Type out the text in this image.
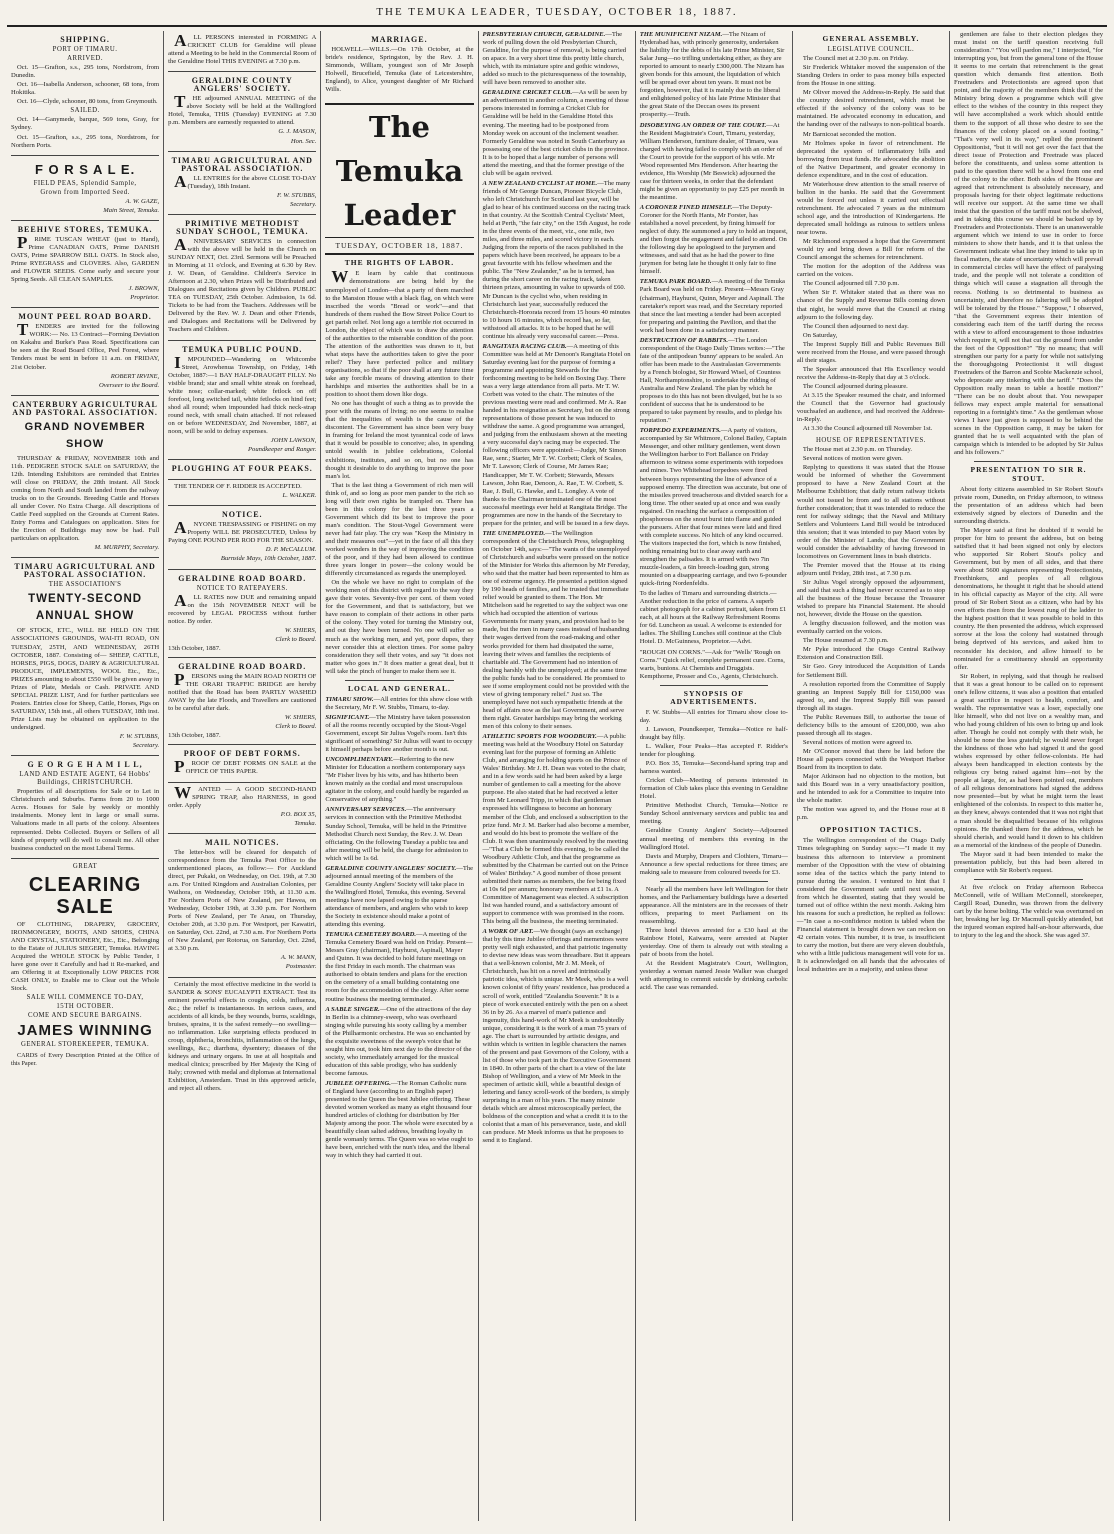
THE TEMUKA LEADER, TUESDAY, OCTOBER 18, 1887.
SHIPPING.
PORT OF TIMARU.
ARRIVED.

Oct. 15—Grafton, s.s., 295 tons, Nordstrom, from Dunedin.

Oct. 16—Isabella Anderson, schooner, 68 tons, from Hokitika.

Oct. 16—Clyde, schooner, 80 tons, from Greymouth.

SAILED.

Oct. 14—Ganymede, barque, 569 tons, Gray, for Sydney.

Oct. 15—Grafton, s.s., 295 tons, Nordstrom, for Northern Ports.

F O R S A L E.
FIELD PEAS, Splendid Sample,
Grown from Imported Seed.
A. W. GAZE,
Main Street, Temuka.
BEEHIVE STORES, TEMUKA.

PRIME TUSCAN WHEAT (just to Hand), Prime CANADIAN OATS, Prime DANISH OATS, Prime SPARROW BILL OATS. In Stock also, Prime RYEGRASS and CLOVERS. Also, GARDEN and FLOWER SEEDS. Come early and secure your Spring Seeds. All CLEAN SAMPLES.

J. BROWN,
Proprietor.
MOUNT PEEL ROAD BOARD.

TENDERS are invited for the following WORK:— No. 13 Contract—Forming Deviation on Kakahu and Burke's Pass Road. Specifications can be seen at the Road Board Office, Peel Forest, where Tenders must be sent in before 11 a.m. on FRIDAY, 21st October.

ROBERT IRVINE,
Overseer to the Board.
CANTERBURY AGRICULTURAL AND PASTORAL ASSOCIATION.
GRAND NOVEMBER SHOW

THURSDAY & FRIDAY, NOVEMBER 10th and 11th. PEDIGREE STOCK SALE on SATURDAY, the 12th. Intending Exhibitors are reminded that Entries will close on FRIDAY, the 28th instant. All Stock coming from North and South landed from the railway trucks on to the Grounds. Breeding Cattle and Horses all under Cover. No Extra Charge. All descriptions of Cattle Feed supplied on the Grounds at Current Rates. Entry Forms and Catalogues on application. Sites for the Erection of Buildings may now be had. Full particulars on application.

M. MURPHY, Secretary.
TIMARU AGRICULTURAL AND PASTORAL ASSOCIATION.
THE ASSOCIATION'S
TWENTY-SECOND ANNUAL SHOW

OF STOCK, ETC., WILL BE HELD ON THE ASSOCIATION'S GROUNDS, WAI-ITI ROAD, ON TUESDAY, 25TH, AND WEDNESDAY, 26TH OCTOBER, 1887. Consisting of— SHEEP, CATTLE, HORSES, PIGS, DOGS, DAIRY & AGRICULTURAL PRODUCE, IMPLEMENTS, WOOL Etc., Etc., PRIZES amounting to about £550 will be given away in Prizes of Plate, Medals or Cash. PRIVATE AND SPECIAL PRIZE LIST, And for further particulars see Posters. Entries close for Sheep, Cattle, Horses, Pigs on SATURDAY, 15th inst., all others TUESDAY, 18th inst. Prize Lists may be obtained on application to the undersigned.

F. W. STUBBS,
Secretary.
G E O R G E H A M I L L,
LAND AND ESTATE AGENT, 64 Hobbs' Buildings, CHRISTCHURCH.

Properties of all descriptions for Sale or to Let in Christchurch and Suburbs. Farms from 20 to 1000 Acres. Houses for Sale by weekly or monthly instalments. Money lent in large or small sums. Valuations made in all parts of the colony. Absentees represented. Debts Collected. Buyers or Sellers of all kinds of property will do well to consult me. All other business conducted on the most Liberal Terms.

GREAT
CLEARING SALE

OF CLOTHING, DRAPERY, GROCERY, IRONMONGERY, BOOTS, AND SHOES, CHINA AND CRYSTAL, STATIONERY, Etc., Etc., Belonging to the Estate of JULIUS SIEGERT, Temuka. HAVING Acquired the WHOLE STOCK by Public Tender, I have gone over it Carefully and had it Re-marked, and am Offering it at Exceptionally LOW PRICES FOR CASH ONLY, to Enable me to Clear out the Whole Stock.

SALE WILL COMMENCE TO-DAY,
15TH OCTOBER.
COME AND SECURE BARGAINS.
JAMES WINNING
GENERAL STOREKEEPER, TEMUKA.

CARDS of Every Description Printed at the Office of this Paper.

ALL PERSONS interested in FORMING A CRICKET CLUB for Geraldine will please attend a Meeting to be held in the Commercial Room of the Geraldine Hotel THIS EVENING at 7.30 p.m.

GERALDINE COUNTY ANGLERS' SOCIETY.

THE adjourned ANNUAL MEETING of the above Society will be held at the Wallingford Hotel, Temuka, THIS (Tuesday) EVENING at 7.30 p.m. Members are earnestly requested to attend.

G. J. MASON,
Hon. Sec.
TIMARU AGRICULTURAL AND PASTORAL ASSOCIATION.

ALL ENTRIES for the above CLOSE TO-DAY (Tuesday), 18th Instant.

F. W. STUBBS,
Secretary.
PRIMITIVE METHODIST SUNDAY SCHOOL, TEMUKA.

ANNIVERSARY SERVICES in connection with the above will be held in the Church on SUNDAY NEXT, Oct. 23rd. Sermons will be Preached in Morning at 11 o'clock, and Evening at 6.30 by Rev. J. W. Dean, of Geraldine. Children's Service in Afternoon at 2.30, when Prizes will be Distributed and Dialogues and Recitations given by Children. PUBLIC TEA on TUESDAY, 25th October. Admission, 1s 6d. Tickets to be had from the Teachers. Addresses will be Delivered by the Rev. W. J. Dean and other Friends, and Dialogues and Recitations will be Delivered by Teachers and Children.

TEMUKA PUBLIC POUND.

IMPOUNDED—Wandering on Whitcombe Street, Arowhenua Township, on Friday, 14th October, 1887:—1 BAY HALF-DRAUGHT FILLY. No visible brand; star and small white streak on forehead, white nose; collar-marked; white fetlock on off forefoot, long switched tail, white fetlocks on hind feet; shod all round; when impounded had thick neck-strap round neck, with small chain attached. If not released on or before WEDNESDAY, 2nd November, 1887, at noon, will be sold to defray expenses.

JOHN LAWSON,
Poundkeeper and Ranger.
PLOUGHING AT FOUR PEAKS.

THE TENDER OF F. RIDDER IS ACCEPTED.

L. WALKER.
NOTICE.

ANYONE TRESPASSING or FISHING on my Property WILL BE PROSECUTED, Unless by Paying ONE POUND PER ROD FOR THE SEASON.

D. P. McCALLUM.
Burnside Mays, 10th October, 1887.
GERALDINE ROAD BOARD.
NOTICE TO RATEPAYERS.

ALL RATES now DUE and remaining unpaid on the 15th NOVEMBER NEXT will be recovered by LEGAL PROCESS without further notice. By order.

W. SHIERS,
Clerk to Board.
13th October, 1887.
GERALDINE ROAD BOARD.

PERSONS using the MAIN ROAD NORTH OF THE ORARI TRAFFIC BRIDGE are hereby notified that the Road has been PARTLY WASHED AWAY by the late Floods, and Travellers are cautioned to be careful after dark.

W. SHIERS,
Clerk to Board.
13th October, 1887.
PROOF OF DEBT FORMS.

PROOF OF DEBT FORMS ON SALE at the OFFICE OF THIS PAPER.

WANTED — A GOOD SECOND-HAND SPRING TRAP, also HARNESS, in good order. Apply

P.O. BOX 35,
Temuka.
MAIL NOTICES.

The letter-box will be cleared for despatch of correspondence from the Temuka Post Office to the undermentioned places, as follow:— For Auckland direct, per Pukaki, on Wednesday, on Oct. 19th, at 7.30 a.m. For United Kingdom and Australian Colonies, per Waihora, on Wednesday, October 19th, at 11.30 a.m. For Northern Ports of New Zealand, per Hawea, on Wednesday, October 19th, at 3.30 p.m. For Northern Ports of New Zealand, per Te Anau, on Thursday, October 20th, at 3.30 p.m. For Westport, per Kawatiri, on Saturday, Oct. 22nd, at 7.30 a.m. For Northern Ports of New Zealand, per Rotorua, on Saturday, Oct. 22nd, at 3.30 p.m.

A. W. MANN,
Postmaster.

Certainly the most effective medicine in the world is SANDER & SONS' EUCALYPTI EXTRACT. Test its eminent powerful effects in coughs, colds, influenza, &c.; the relief is instantaneous. In serious cases, and accidents of all kinds, be they wounds, burns, scaldings, bruises, sprains, it is the safest remedy—no swelling—no inflammation. Like surprising effects produced in croup, diphtheria, bronchitis, inflammation of the lungs, swellings, &c.; diarrhœa, dysentery; diseases of the kidneys and urinary organs. In use at all hospitals and medical clinics; prescribed by Her Majesty the King of Italy; crowned with medal and diplomas at International Exhibition, Amsterdam. Trust in this approved article, and reject all others.

MARRIAGE.

HOLWELL—WILLS.—On 17th October, at the bride's residence, Springston, by the Rev. J. H. Simmonds, William, youngest son of Mr Joseph Holwell, Brucefield, Temuka (late of Leicestershire, England), to Alice, youngest daughter of Mr Richard Wills.

The Temuka Leader
TUESDAY, OCTOBER 18, 1887.
THE RIGHTS OF LABOR.

WE learn by cable that continuous demonstrations are being held by the unemployed of London—that a party of them marched to the Mansion House with a black flag, on which were inscribed the words "Bread or work"—and that hundreds of them rushed the Bow Street Police Court to get parish relief. Not long ago a terrible riot occurred in London, the object of which was to draw the attention of the authorities to the miserable condition of the poor. The attention of the authorities was drawn to it, but what steps have the authorities taken to give the poor relief? They have perfected police and military organisations, so that if the poor shall at any future time take any forcible means of drawing attention to their hardships and miseries the authorities shall be in a position to shoot them down like dogs.

No one has thought of such a thing as to provide the poor with the means of living; no one seems to realise that the inequalities of wealth is the cause of the discontent. The Government has since been very busy in framing for Ireland the most tyrannical code of laws that it would be possible to conceive; also, in spending untold wealth in jubilee celebrations, Colonial exhibitions, institutes, and so on, but no one has thought it desirable to do anything to improve the poor man's lot.

That is the last thing a Government of rich men will think of, and so long as poor men pander to the rich so long will their own rights be trampled on. There has been in this colony for the last three years a Government which did its best to improve the poor man's condition. The Stout-Vogel Government were never had fair play. The cry was "Keep the Ministry in and their measures out"—yet in the face of all this they worked wonders in the way of improving the condition of the poor, and if they had been allowed to continue three years longer in power—the colony would be differently circumstanced as regards the unemployed.

On the whole we have no right to complain of the working men of this district with regard to the way they gave their votes. Seventy-five per cent. of them voted for the Government, and that is satisfactory, but we have reason to complain of their actions in other parts of the colony. They voted for turning the Ministry out, and out they have been turned. No one will suffer so much as the working men, and yet, poor dupes, they never consider this at election times. For some paltry consideration they sell their votes, and say "it does not matter who goes in." It does matter a great deal, but it will take the pinch of hunger to make them see it.

LOCAL AND GENERAL.
TIMARU SHOW.—All entries for this show close with the Secretary, Mr F. W. Stubbs, Timaru, to-day.
SIGNIFICANT.—The Ministry have taken possession of all the rooms recently occupied by the Stout-Vogel Government, except Sir Julius Vogel's room. Isn't this significant of something? Sir Julius will want to occupy it himself perhaps before another month is out.
UNCOMPLIMENTARY.—Referring to the new Minister for Education a northern contemporary says "Mr Fisher lives by his wits, and has hitherto been known mainly as the cordial and most unscrupulous agitator in the colony, and could hardly be regarded as Conservative of anything."
ANNIVERSARY SERVICES.—The anniversary services in connection with the Primitive Methodist Sunday School, Temuka, will be held in the Primitive Methodist Church next Sunday, the Rev. J. W. Dean officiating. On the following Tuesday a public tea and after meeting will be held, the charge for admission to which will be 1s 6d.
GERALDINE COUNTY ANGLERS' SOCIETY.—The adjourned annual meeting of the members of the Geraldine County Anglers' Society will take place in the Wallingford Hotel, Temuka, this evening. Several meetings have now lapsed owing to the sparse attendance of members, and anglers who wish to keep the Society in existence should make a point of attending this evening.
TEMUKA CEMETERY BOARD.—A meeting of the Temuka Cemetery Board was held on Friday. Present—Messrs Gray (chairman), Hayhurst, Aspinall, Mayer and Quinn. It was decided to hold future meetings on the first Friday in each month. The chairman was authorised to obtain tenders and plans for the erection on the cemetery of a small building containing one room for the accommodation of the clergy. After some routine business the meeting terminated.
A SABLE SINGER.—One of the attractions of the day in Berlin is a chimney-sweep, who was overheard singing while pursuing his sooty calling by a member of the Philharmonic orchestra. He was so enchanted by the exquisite sweetness of the sweep's voice that he sought him out, took him next day to the director of the society, who immediately arranged for the musical education of this sable prodigy, who has suddenly become famous.
JUBILEE OFFERING.—The Roman Catholic nuns of England have (according to an English paper) presented to the Queen the best Jubilee offering. These devoted women worked as many as eight thousand four hundred articles of clothing for distribution by Her Majesty among the poor. The whole were executed by a beautifully clean salted address, breathing loyalty in gentle womanly terms. The Queen was so wise ought to have been, enriched with the nun's idea, and the liberal way in which they had carried it out.
PRESBYTERIAN CHURCH, GERALDINE.—The work of pulling down the old Presbyterian Church, Geraldine, for the purpose of removal, is being carried on apace. In a very short time this pretty little church, which, with its miniature spire and gothic windows, added so much to the picturesqueness of the township, will have been removed to another site.
GERALDINE CRICKET CLUB.—As will be seen by an advertisement in another column, a meeting of those persons interested in forming a Cricket Club for Geraldine will be held in the Geraldine Hotel this evening. The meeting had to be postponed from Monday week on account of the inclement weather. Formerly Geraldine was noted in South Canterbury as possessing one of the best cricket clubs in the province. It is to be hoped that a large number of persons will attend the meeting, and that the former prestige of the club will be again revived.
A NEW ZEALAND CYCLIST AT HOME.—The many friends of Mr George Duncan, Pioneer Bicycle Club, who left Christchurch for Scotland last year, will be glad to hear of his continued success on the racing track in that country. At the Scottish Central Cyclists' Meet, held at Perth, "the fair city," on the 15th August, he rode in the three events of the meet, viz., one mile, two miles, and three miles, and scored victory in each. Judging from the reports of the races published in the papers which have been received, he appears to be a great favourite with his fellow wheelmen and the public. The "New Zealander," as he is termed, has during the short career on the racing track, taken thirteen prizes, amounting in value to upwards of £60. Mr Duncan is the cyclist who, when residing in Christchurch last year, successfully reduced the Christchurch-Hororata record from 15 hours 40 minutes to 10 hours 16 minutes, which record has, so far, withstood all attacks. It is to be hoped that he will continue his already very successful career.—Press.
RANGITATA RACING CLUB.—A meeting of this Committee was held at Mr Denoon's Rangitata Hotel on Saturday evening last for the purpose of forming a programme and appointing Stewards for the forthcoming meeting to be held on Boxing Day. There was a very large attendance from all parts. Mr T. W. Corbett was voted to the chair. The minutes of the previous meeting were read and confirmed. Mr A. Rae handed in his resignation as Secretary, but on the strong representations of those present he was induced to withdraw the same. A good programme was arranged, and judging from the enthusiasm shown at the meeting a very successful day's racing may be expected. The following officers were appointed:—Judge, Mr Simon Rae, senr.; Starter, Mr T. W. Corbett; Clerk of Scales, Mr T. Lawson; Clerk of Course, Mr James Rae; Handicapper, Mr T. W. Corbett; Stewards, Messrs Lawson, John Rae, Denoon, A. Rae, T. W. Corbett, S. Rae, J. Bull, G. Hawke, and L. Longley. A vote of thanks to the Chairman terminated one of the most successful meetings ever held at Rangitata Bridge. The programmes are now in the hands of the Secretary to prepare for the printer, and will be issued in a few days.
THE UNEMPLOYED.—The Wellington correspondent of the Christchurch Press, telegraphing on October 14th, says:—"The wants of the unemployed of Christchurch and suburbs were pressed on the notice of the Minister for Works this afternoon by Mr Fereday, who said that the matter had been represented to him as one of extreme urgency. He presented a petition signed by 190 heads of families, and he trusted that immediate relief would be granted to them. The Hon. Mr Mitchelson said he regretted to say the subject was one which had occupied the attention of various Governments for many years, and provision had to be made, but the men in many cases instead of husbanding their wages derived from the road-making and other works provided for them had dissipated the same, leaving their wives and families the recipients of charitable aid. The Government had no intention of dealing harshly with the unemployed; at the same time the public funds had to be considered. He promised to see if some employment could not be provided with the view of giving temporary relief." Just so. The unemployed have not such sympathetic friends at the head of affairs now as the last Government, and serve them right. Greater hardships may bring the working men of this colony to their senses.
ATHLETIC SPORTS FOR WOODBURY.—A public meeting was held at the Woodbury Hotel on Saturday evening last for the purpose of forming an Athletic Club, and arranging for holding sports on the Prince of Wales' Birthday. Mr J. H. Dean was voted to the chair, and in a few words said he had been asked by a large number of gentlemen to call a meeting for the above purpose. He also stated that he had received a letter from Mr Leonard Tripp, in which that gentleman expressed his willingness to become an honorary member of the Club, and enclosed a subscription to the prize fund. Mr J. M. Barker had also become a member, and would do his best to promote the welfare of the Club. It was then unanimously resolved by the meeting—"That a Club be formed this evening, to be called the Woodbury Athletic Club, and that the programme as submitted by the Chairman be carried out on the Prince of Wales' Birthday." A good number of those present submitted their names as members, the fee being fixed at 10s 6d per annum; honorary members at £1 1s. A Committee of Management was elected. A subscription list was handed round, and a satisfactory amount of support to commence with was promised in the room. This being all the business, the meeting terminated.
A WORK OF ART.—We thought (says an exchange) that by this time Jubilee offerings and mementoes were pretty well nigh exhausted, and that patriotic ingenuity to devise new ideas was worn threadbare. But it appears that a well-known colonist, Mr J. M. Meek, of Christchurch, has hit on a novel and intrinsically patriotic idea, which is unique. Mr Meek, who is a well known colonist of fifty years' residence, has produced a scroll of work, entitled "Zealandia Souvenir." It is a piece of work executed entirely with the pen on a sheet 36 in by 26. As a marvel of man's patience and ingenuity, this hand-work of Mr Meek is undoubtedly unique, considering it is the work of a man 75 years of age. The chart is surrounded by artistic designs, and within which is written in legible characters the names of the present and past Governors of the Colony, with a list of those who took part in the Executive Government in 1840. In other parts of the chart is a view of the late Bishop of Wellington, and a view of Mr Meek in the specimen of artistic skill, while a beautiful design of lettering and fancy scroll-work of the borders, is simply surprising in a man of his years. The many minute details which are almost microscopically perfect, the boldness of the conception and what a credit it is to the colonist that a man of his perseverance, taste, and skill can produce. Mr Meek informs us that he proposes to send it to England.
THE MUNIFICENT NIZAM.—The Nizam of Hyderabad has, with princely generosity, undertaken the liability for the debts of his late Prime Minister, Sir Salar Jung—no trifling undertaking either, as they are reported to amount to nearly £300,000. The Nizam has given bonds for this amount, the liquidation of which will be spread over about ten years. It must not be forgotten, however, that it is mainly due to the liberal and enlightened policy of his late Prime Minister that the great State of the Deccan owes its present prosperity.—Truth.
DISOBEYING AN ORDER OF THE COURT.—At the Resident Magistrate's Court, Timaru, yesterday, William Henderson, furniture dealer, of Timaru, was charged with having failed to comply with an order of the Court to provide for the support of his wife. Mr Wood represented Mrs Henderson. After hearing the evidence, His Worship (Mr Beswick) adjourned the case for thirteen weeks, in order that the defendant might be given an opportunity to pay £25 per month in the meantime.
A CORONER FINED HIMSELF.—The Deputy-Coroner for the North Hants, Mr Forster, has established a novel precedent, by fining himself for neglect of duty. He summoned a jury to hold an inquest, and then forgot the engagement and failed to attend. On the following day he apologised to the jurymen and witnesses, and said that as he had the power to fine jurymen for being late he thought it only fair to fine himself.
TEMUKA PARK BOARD.—A meeting of the Temuka Park Board was held on Friday. Present—Messrs Gray (chairman), Hayhurst, Quinn, Meyer and Aspinall. The caretaker's report was read, and the Secretary reported that since the last meeting a tender had been accepted for preparing and painting the Pavilion, and that the work had been done in a satisfactory manner.
DESTRUCTION OF RABBITS.—The London correspondent of the Otago Daily Times writes:—"The fate of the antipodean 'bunny' appears to be sealed. An offer has been made to the Australasian Governments by a French biologist, Sir Howard Wisel, of Countess Hall, Northamptonshire, to undertake the ridding of Australia and New Zealand. The plan by which he proposes to do this has not been divulged, but he is so confident of success that he is understood to be prepared to take payment by results, and to pledge his reputation."
TORPEDO EXPERIMENTS.—A party of visitors, accompanied by Sir Whitmore, Colonel Bailey, Captain Messenger, and other military gentlemen, went down the Wellington harbor to Fort Ballance on Friday afternoon to witness some experiments with torpedoes and mines. Two Whitehead torpedoes were fired between buoys representing the line of advance of a supposed enemy. The direction was accurate, but one of the missiles proved treacherous and divided search for a long time. The other seated up at once and was easily regained. On reaching the surface a composition of phosphorous on the snout burst into flame and guided the pursuers. After that four mines were laid and fired with complete success. No hitch of any kind occurred. The visitors inspected the fort, which is now finished, nothing remaining but to clear away earth and strengthen the palisades. It is armed with two 7in muzzle-loaders, a 6in breech-loading gun, strong mounted on a disappearing carriage, and two 6-pounder quick-firing Nordenfeldts.
To the ladies of Timaru and surrounding districts.—Another reduction in the price of camera. A superb cabinet photograph for a cabinet portrait, taken from £1 each, at all hours at the Railway Refreshment Rooms for 6d. Luncheon as usual. A welcome is extended for ladies. The Shilling Lunches still continue at the Club Hotel. D. McGuinness, Proprietor.—Advt.
"ROUGH ON CORNS."—Ask for "Wells' 'Rough on Corns.'" Quick relief, complete permanent cure. Corns, warts, bunions. At Chemists and Druggists. Kempthorne, Prosser and Co., Agents, Christchurch.
SYNOPSIS OF ADVERTISEMENTS.

F. W. Stubbs—All entries for Timaru show close to-day.

J. Lawson, Poundkeeper, Temuka—Notice re half-draught bay filly.

L. Walker, Four Peaks—Has accepted F. Ridder's tender for ploughing.

P.O. Box 35, Temuka—Second-hand spring trap and harness wanted.

Cricket Club—Meeting of persons interested in formation of Club takes place this evening in Geraldine Hotel.

Primitive Methodist Church, Temuka—Notice re Sunday School anniversary services and public tea and meeting.

Geraldine County Anglers' Society—Adjourned annual meeting of members this evening in the Wallingford Hotel.

Davis and Murphy, Drapers and Clothiers, Timaru—Announce a few special reductions for three times; are making sale to measure from coloured tweeds for £3.

Nearly all the members have left Wellington for their homes, and the Parliamentary buildings have a deserted appearance. All the ministers are in the recesses of their offices, preparing to meet Parliament on its reassembling.

Three hotel thieves arrested for a £30 haul at the Rainbow Hotel, Kaiwarra, were arrested at Napier yesterday. One of them is already out with stealing a pair of boots from the hotel.

At the Resident Magistrate's Court, Wellington, yesterday a woman named Jessie Walker was charged with attempting to commit suicide by drinking carbolic acid. The case was remanded.

GENERAL ASSEMBLY.
LEGISLATIVE COUNCIL.

The Council met at 2.30 p.m. on Friday.

Sir Frederick Whitaker moved the suspension of the Standing Orders in order to pass money bills expected from the House in one sitting.

Mr Oliver moved the Address-in-Reply. He said that the country desired retrenchment, which must be effected if the solvency of the colony was to be maintained. He advocated economy in education, and the handing over of the railways to non-political boards.

Mr Barnicoat seconded the motion.

Mr Holmes spoke in favor of retrenchment. He deprecated the system of inflammatory bills and borrowing from trust funds. He advocated the abolition of the Native Department, and greater economy in defence expenditure, and in the cost of education.

Mr Waterhouse drew attention to the small reserve of bullion in the banks. He said that the Government would be forced out unless it carried out effectual retrenchment. He advocated 7 years as the minimum school age, and the introduction of Kindergartens. He deprecated small holdings as ruinous to settlers unless near towns.

Mr Richmond expressed a hope that the Government would try and bring down a Bill for reform of the Council amongst the schemes for retrenchment.

The motion for the adoption of the Address was carried on the voices.

The Council adjourned till 7.30 p.m.

When Sir F. Whitaker stated that as there was no chance of the Supply and Revenue Bills coming down that night, he would move that the Council at rising adjourn to the following day.

The Council then adjourned to next day.

On Saturday,

The Imprest Supply Bill and Public Revenues Bill were received from the House, and were passed through all their stages.

The Speaker announced that His Excellency would receive the Address-in-Reply that day at 3 o'clock.

The Council adjourned during pleasure.

At 3.15 the Speaker resumed the chair, and informed the Council that the Governor had graciously vouchsafed an audience, and had received the Address-in-Reply.

At 3.30 the Council adjourned till November 1st.

HOUSE OF REPRESENTATIVES.

The House met at 2.30 p.m. on Thursday.

Several notices of motion were given.

Replying to questions it was stated that the House would be informed of whether the Government proposed to have a New Zealand Court at the Melbourne Exhibition; that daily return railway tickets would not issued be from and to all stations without further consideration; that it was intended to reduce the rent for railway sidings; that the Naval and Military Settlers and Volunteers Land Bill would be introduced this session; that it was intended to pay Maori votes by order of the Minister of Lands; that the Government would consider the advisability of having firewood in locomotives on Government lines in bush districts.

The Premier moved that the House at its rising adjourn until Friday, 28th inst., at 7.30 p.m.

Sir Julius Vogel strongly opposed the adjournment, and said that such a thing had never occurred as to stop all the business of the House because the Treasurer wished to prepare his Financial Statement. He should not, however, divide the House on the question.

A lengthy discussion followed, and the motion was eventually carried on the voices.

The House resumed at 7.30 p.m.

Mr Pyke introduced the Otago Central Railway Extension and Construction Bill.

Sir Geo. Grey introduced the Acquisition of Lands for Settlement Bill.

A resolution reported from the Committee of Supply granting an Imprest Supply Bill for £150,000 was agreed to, and the Imprest Supply Bill was passed through all its stages.

The Public Revenues Bill, to authorise the issue of deficiency bills to the amount of £200,000, was also passed through all its stages.

Several notices of motion were agreed to.

Mr O'Connor moved that there be laid before the House all papers connected with the Westport Harbor Board from its inception to date.

Major Atkinson had no objection to the motion, but said this Board was in a very unsatisfactory position, and he intended to ask for a Committee to inquire into the whole matter.

The motion was agreed to, and the House rose at 8 p.m.

OPPOSITION TACTICS.

The Wellington correspondent of the Otago Daily Times telegraphing on Sunday says:—"I made it my business this afternoon to interview a prominent member of the Opposition with the view of obtaining some idea of the tactics which the party intend to pursue during the session. I ventured to hint that I considered the Government safe until next session, from which he dissented, stating that they would be turned out of office within the next month. Asking him his reasons for such a prediction, he replied as follows:—"In case a no-confidence motion is tabled when the Financial statement is brought down we can reckon on 42 certain votes. This number, it is true, is insufficient to carry the motion, but there are very eleven doubtfuls, who with a little judicious management will vote for us. It is acknowledged on all hands that the advocates of local industries are in a majority, and unless these

gentlemen are false to their election pledges they must insist on the tariff question receiving full consideration." "You will pardon me," I interjected, "for interrupting you, but from the general tone of the House it seems to me certain that retrenchment is the great question which demands first attention. Both Freetraders and Protectionists are agreed upon that point, and the majority of the members think that if the Ministry bring down a programme which will give effect to the wishes of the country in this respect they will have accomplished a work which should entitle them to the support of all those who desire to see the finances of the colony placed on a sound footing." "That's very well in its way," replied the prominent Oppositionist, "but it will not get over the fact that the direct issue of Protection and Freetrade was placed before the constituents, and unless some attention is paid to the question there will be a howl from one end of the colony to the other. Both sides of the House are agreed that retrenchment is absolutely necessary, and proposals having for their object legitimate reductions will receive our support. At the same time we shall insist that the question of the tariff must not be shelved, and in taking this course we should be backed up by Freetraders and Protectionists. There is an unanswerable argument which we intend to use in order to force ministers to show their hands, and it is that unless the Government indicate what line they intend to take up in fiscal matters, the state of uncertainty which will prevail in commercial circles will have the effect of paralysing trade, and the people will not tolerate a condition of things which will cause a stagnation all through the recess. Nothing is so detrimental to business as uncertainty, and therefore no faltering will be adopted will be tolerated by the House." "Suppose," I observed, "that the Government express their intention of considering each item of the tariff during the recess with a view to afford encouragement to those industries which require it, will not that cut the ground from under the feet of the Opposition?" "By no means; that will strengthen our party for a party for while not satisfying the thoroughgoing Protectionist it will disgust Freetraders of the Barron and Scobie Mackenzie school, who deprecate any tinkering with the tariff." "Does the Opposition really mean to table a hostile motion?" "There can be no doubt about that. You newspaper fellows may expect ample material for sensational reporting in a fortnight's time." As the gentleman whose views I have just given is supposed to be behind the scenes in the Opposition camp, it may be taken for granted that he is well acquainted with the plan of campaign which is intended to be adopted by Sir Julius and his followers."

PRESENTATION TO SIR R. STOUT.

About forty citizens assembled in Sir Robert Stout's private room, Dunedin, on Friday afternoon, to witness the presentation of an address which had been extensively signed by electors of Dunedin and the surrounding districts.

The Mayor said at first he doubted if it would be proper for him to present the address, but on being satisfied that it had been signed not only by electors who supported Sir Robert Stout's policy and Government, but by men of all sides, and that there were about 5600 signatures representing Protectionists, Freethinkers, and peoples of all religious denominations, he thought it right that he should attend in his official capacity as Mayor of the city. All were proud of Sir Robert Stout as a citizen, who had by his own efforts risen from the lowest rung of the ladder to the highest position that it was possible to hold in this country. He then presented the address, which expressed sorrow at the loss the colony had sustained through being deprived of his services, and asked him to reconsider his decision, and allow himself to be nominated for a constituency should an opportunity offer.

Sir Robert, in replying, said that though he realised that it was a great honour to be called on to represent one's fellow citizens, it was also a position that entailed a great sacrifice in respect to health, comfort, and wealth. The representative was a loser, especially one like himself, who did not live on a wealthy man, and who had young children of his own to bring up and look after. Though he could not comply with their wish, he should be none the less grateful; he would never forget the kindness of those who had signed it and the good wishes expressed by other fellow-colonists. He had always been handicapped in election contests by the religious cry being raised against him—not by the people at large, for, as had been pointed out, members of all religious denominations had signed the address now presented—but by what he might term the least enlightened of the colonists. In respect to this matter he, as they knew, always contended that it was not right that a man should be disqualified because of his religious opinions. He thanked them for the address, which he should cherish, and would hand it down to his children as a memorial of the kindness of the people of Dunedin.

The Mayor said it had been intended to make the presentation publicly, but this had been altered in compliance with Sir Robert's request.

At five o'clock on Friday afternoon Rebecca McConnell, wife of William McConnell, storekeeper, Cargill Road, Dunedin, was thrown from the delivery cart by the horse bolting. The vehicle was overturned on her, breaking her leg. Dr Macmull quickly attended, but the injured woman expired half-an-hour afterwards, due to injury to the leg and the shock. She was aged 37.
